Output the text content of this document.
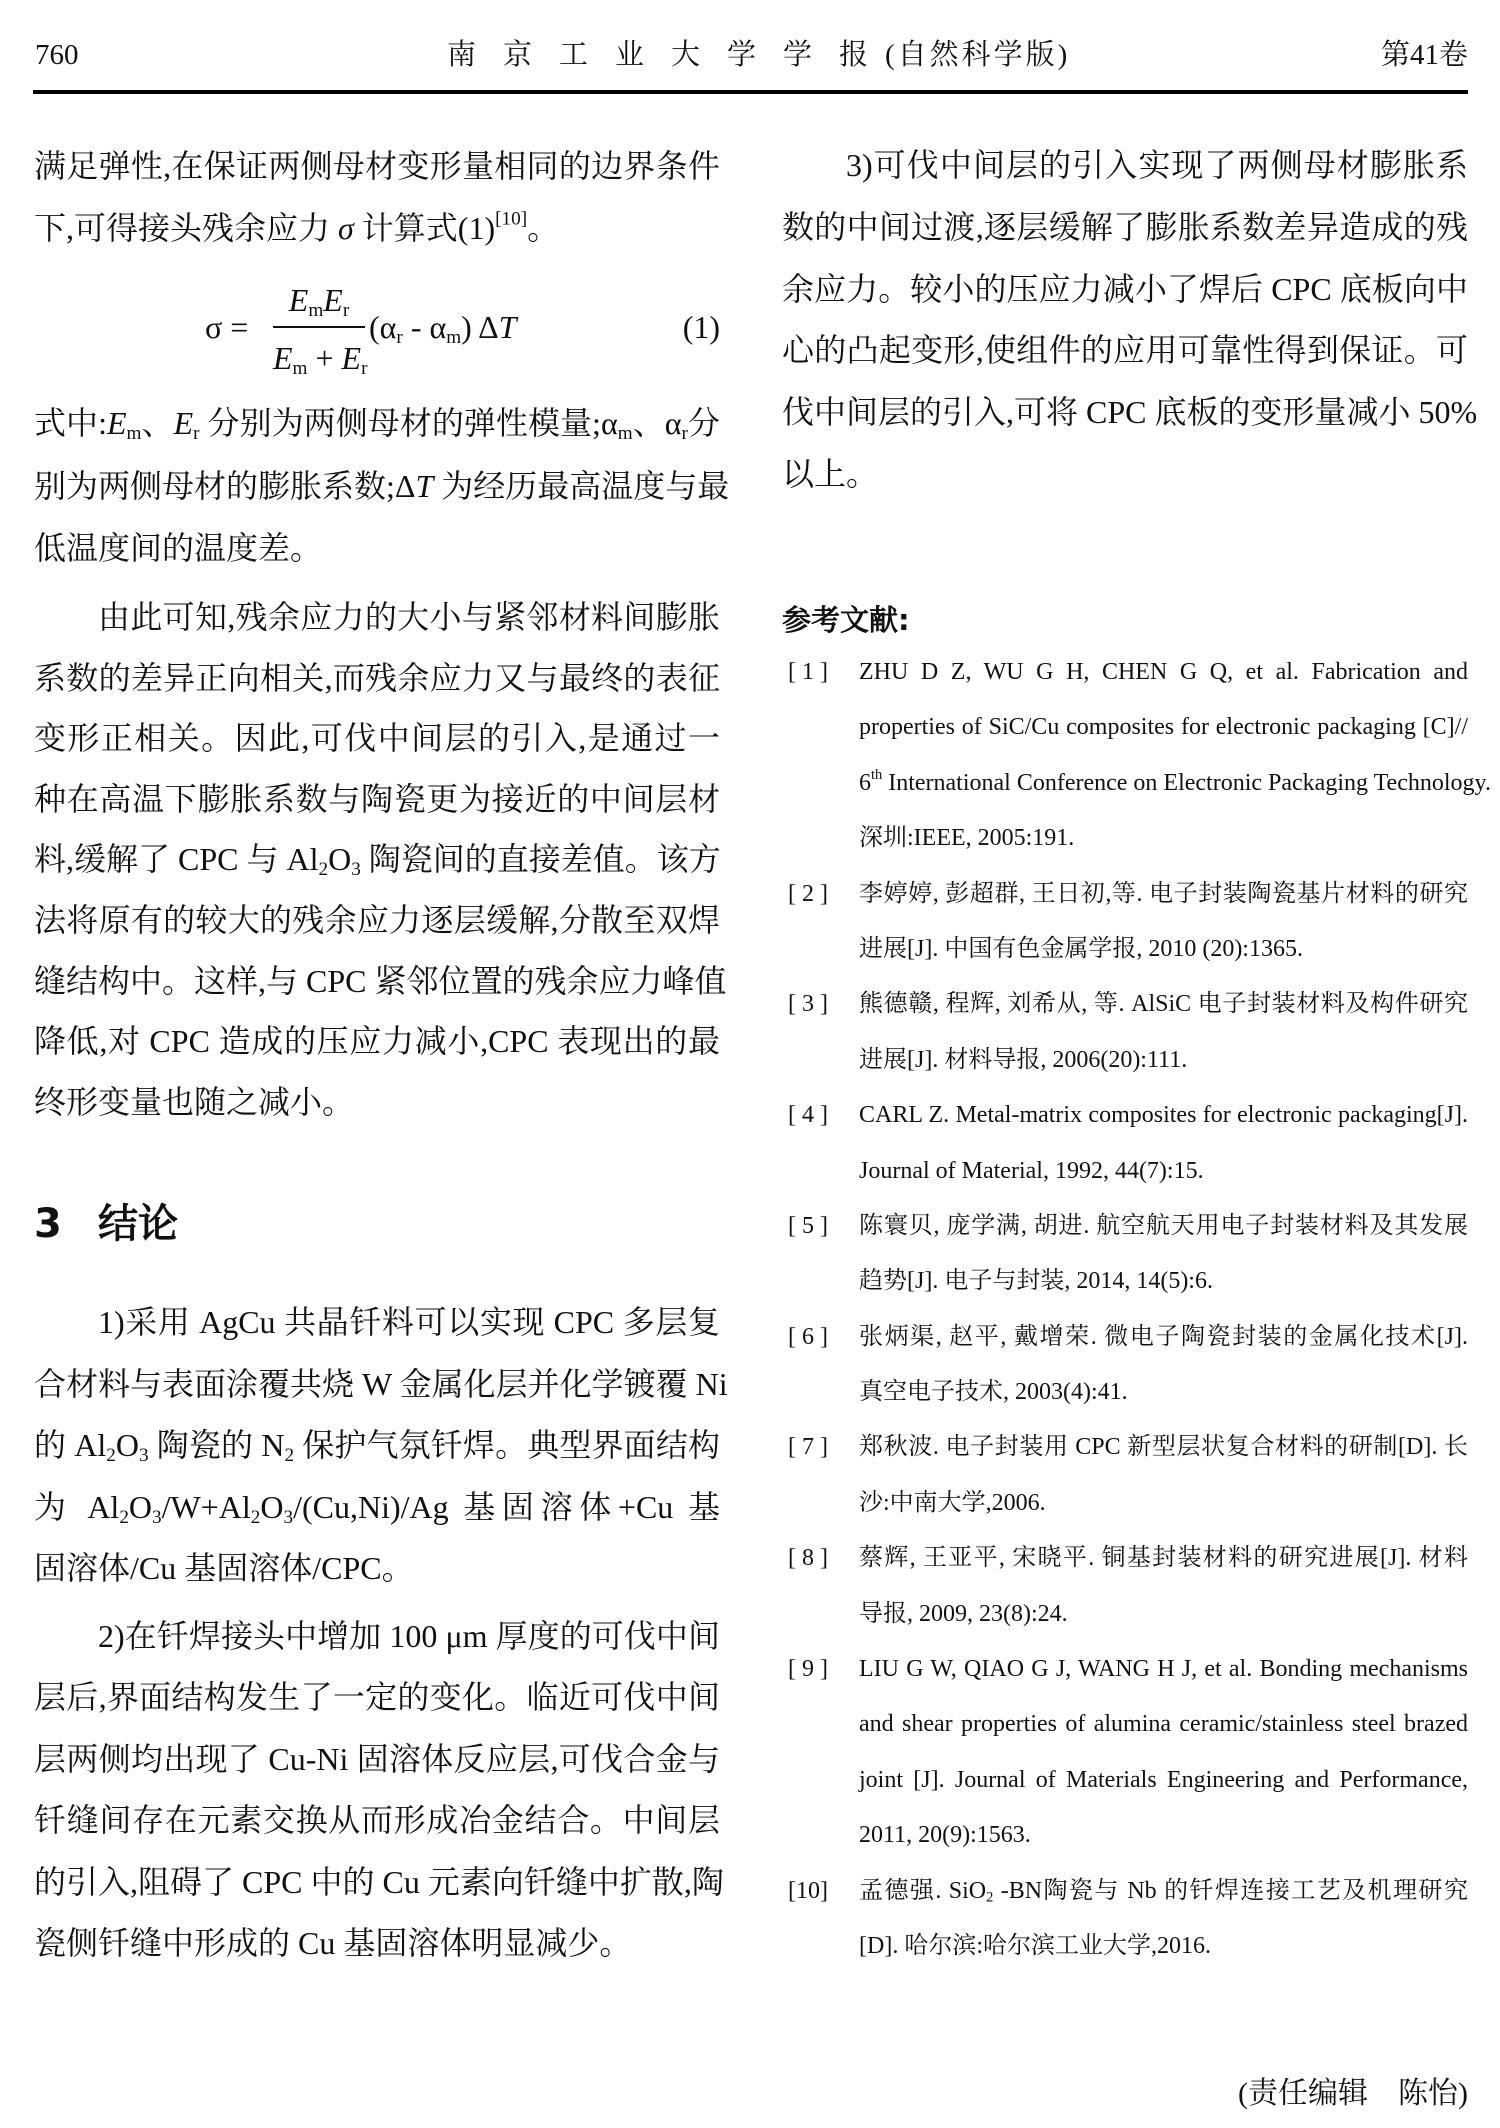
760	南京工业大学学报(自然科学版)	第41卷
满足弹性,在保证两侧母材变形量相同的边界条件
下,可得接头残余应力 σ 计算式(1)[10]。
σ =
$E_mE_r$
$E_m + E_r$
$(\alpha_r - \alpha_m)$ ΔT	(1)
式中$:E_m$、$E_r$ 分别为两侧母材的弹性模量$;\alpha_m$、$\alpha_r$分
别为两侧母材的膨胀系数;ΔT 为经历最高温度与最
低温度间的温度差。
由此可知,残余应力的大小与紧邻材料间膨胀
系数的差异正向相关,而残余应力又与最终的表征
变形正相关。因此,可伐中间层的引入,是通过一
种在高温下膨胀系数与陶瓷更为接近的中间层材
料,缓解了 CPC 与 $Al_2O_3$ 陶瓷间的直接差值。该方
法将原有的较大的残余应力逐层缓解,分散至双焊
缝结构中。这样,与 CPC 紧邻位置的残余应力峰值
降低,对 CPC 造成的压应力减小,CPC 表现出的最
终形变量也随之减小。
3 结论
1)采用 AgCu 共晶钎料可以实现 CPC 多层复
合材料与表面涂覆共烧 W 金属化层并化学镀覆 Ni
的 $Al_2O_3$ 陶瓷的 $N_2$ 保护气氛钎焊。典型界面结构
为 $Al_2O_3/W+Al_2O_3/(Cu,Ni)/Ag$ 基固溶体+Cu 基
固溶体/Cu 基固溶体/CPC。
2)在钎焊接头中增加 100 μm 厚度的可伐中间
层后,界面结构发生了一定的变化。临近可伐中间
层两侧均出现了 Cu-Ni 固溶体反应层,可伐合金与
钎缝间存在元素交换从而形成冶金结合。中间层
的引入,阻碍了 CPC 中的 Cu 元素向钎缝中扩散,陶
瓷侧钎缝中形成的 Cu 基固溶体明显减少。
3)可伐中间层的引入实现了两侧母材膨胀系
数的中间过渡,逐层缓解了膨胀系数差异造成的残
余应力。较小的压应力减小了焊后 CPC 底板向中
心的凸起变形,使组件的应用可靠性得到保证。可
伐中间层的引入,可将 CPC 底板的变形量减小 50%
以上。
参考文献:
[ 1 ] ZHU D Z, WU G H, CHEN G Q, et al. Fabrication and
properties of SiC/Cu composites for electronic packaging [C]//
6th International Conference on Electronic Packaging Technology.
深圳:IEEE, 2005:191.
[ 2 ] 李婷婷, 彭超群, 王日初,等. 电子封装陶瓷基片材料的研究
进展[J]. 中国有色金属学报, 2010 (20):1365.
[ 3 ] 熊德赣, 程辉, 刘希从, 等. AlSiC 电子封装材料及构件研究
进展[J]. 材料导报, 2006(20):111.
[ 4 ] CARL Z. Metal-matrix composites for electronic packaging[J].
Journal of Material, 1992, 44(7):15.
[ 5 ] 陈寰贝, 庞学满, 胡进. 航空航天用电子封装材料及其发展
趋势[J]. 电子与封装, 2014, 14(5):6.
[ 6 ] 张炳渠, 赵平, 戴增荣. 微电子陶瓷封装的金属化技术[J].
真空电子技术, 2003(4):41.
[ 7 ] 郑秋波. 电子封装用 CPC 新型层状复合材料的研制[D]. 长
沙:中南大学,2006.
[ 8 ] 蔡辉, 王亚平, 宋晓平. 铜基封装材料的研究进展[J]. 材料
导报, 2009, 23(8):24.
[ 9 ] LIU G W, QIAO G J, WANG H J, et al. Bonding mechanisms
and shear properties of alumina ceramic/stainless steel brazed
joint [J]. Journal of Materials Engineering and Performance,
2011, 20(9):1563.
[10] 孟德强. SiO$_2$ -BN陶瓷与 Nb 的钎焊连接工艺及机理研究
[D]. 哈尔滨:哈尔滨工业大学,2016.
(责任编辑　陈怡)
